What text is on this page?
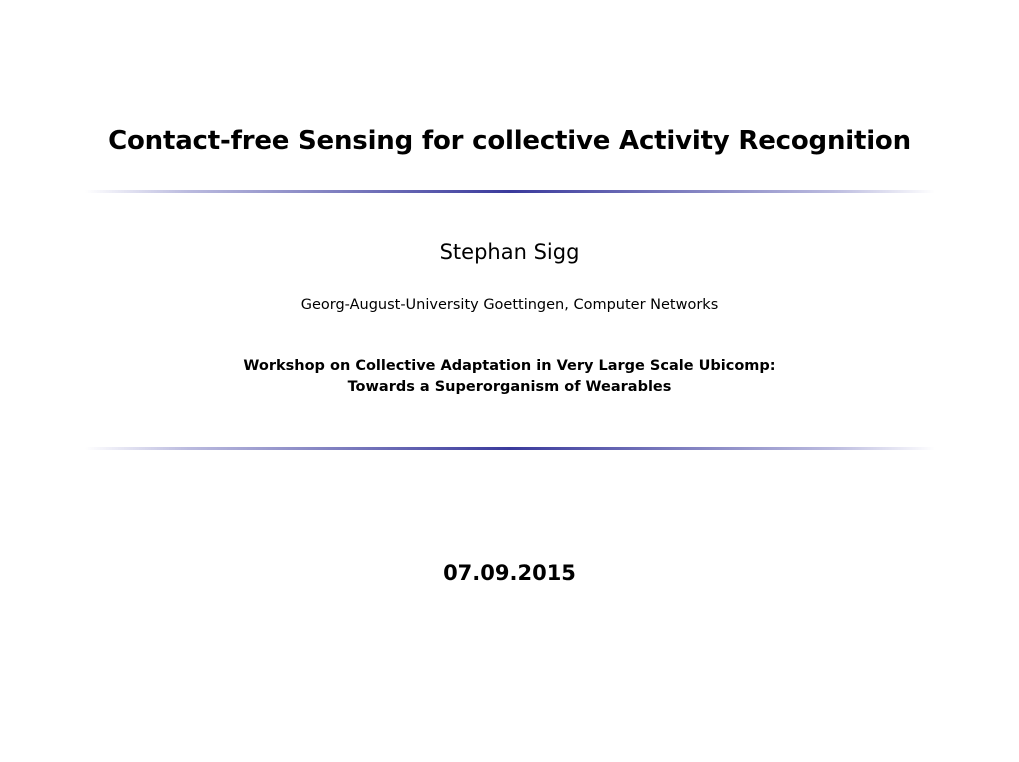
Contact-free Sensing for collective Activity Recognition
Stephan Sigg
Georg-August-University Goettingen, Computer Networks
Workshop on Collective Adaptation in Very Large Scale Ubicomp:
Towards a Superorganism of Wearables
07.09.2015
